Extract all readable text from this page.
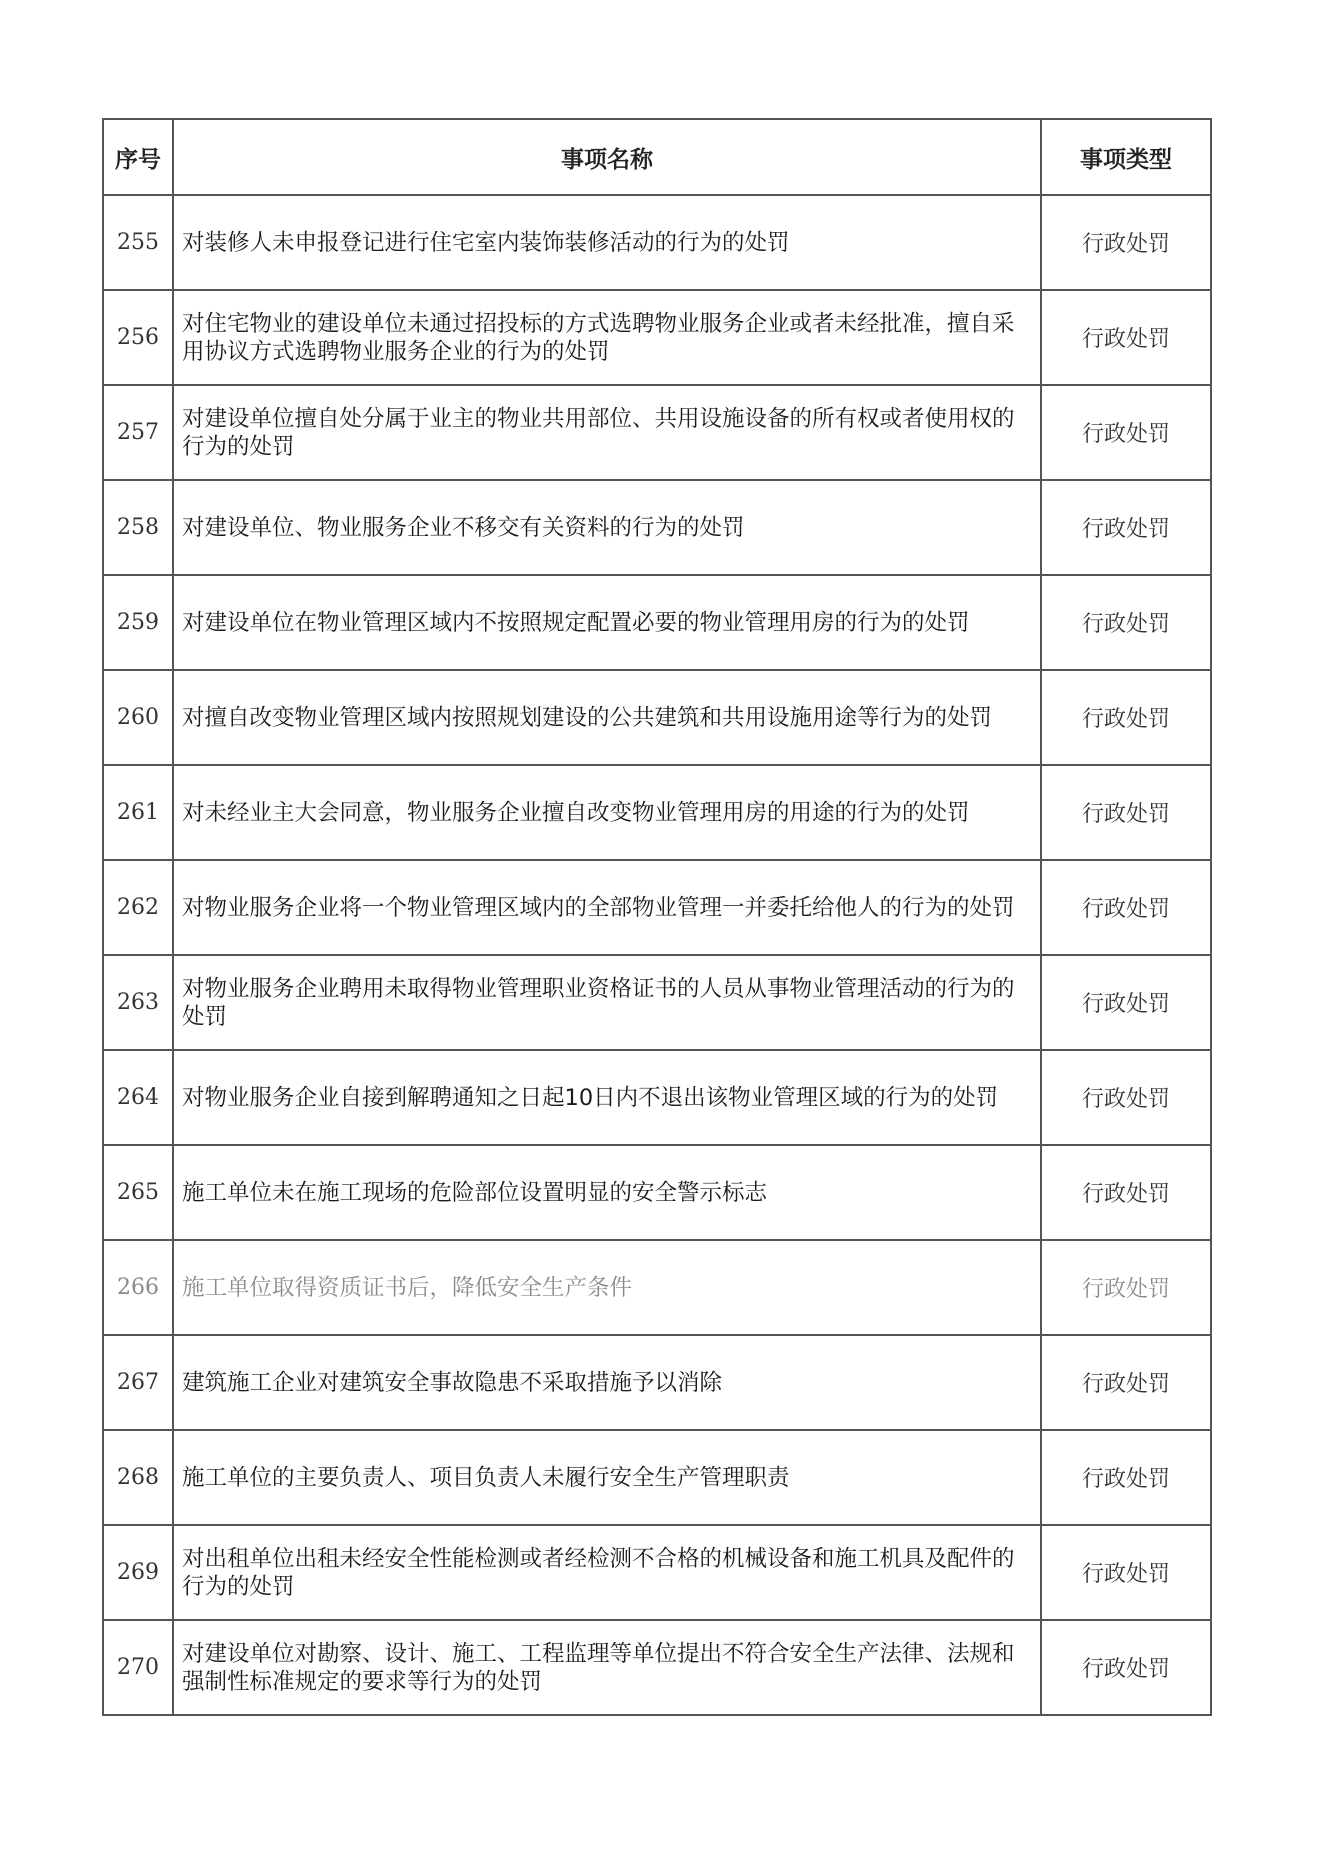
序号	事项名称	事项类型
255	对装修人未申报登记进行住宅室内装饰装修活动的行为的处罚	行政处罚
256	对住宅物业的建设单位未通过招投标的方式选聘物业服务企业或者未经批准，擅自采用协议方式选聘物业服务企业的行为的处罚	行政处罚
257	对建设单位擅自处分属于业主的物业共用部位、共用设施设备的所有权或者使用权的行为的处罚	行政处罚
258	对建设单位、物业服务企业不移交有关资料的行为的处罚	行政处罚
259	对建设单位在物业管理区域内不按照规定配置必要的物业管理用房的行为的处罚	行政处罚
260	对擅自改变物业管理区域内按照规划建设的公共建筑和共用设施用途等行为的处罚	行政处罚
261	对未经业主大会同意，物业服务企业擅自改变物业管理用房的用途的行为的处罚	行政处罚
262	对物业服务企业将一个物业管理区域内的全部物业管理一并委托给他人的行为的处罚	行政处罚
263	对物业服务企业聘用未取得物业管理职业资格证书的人员从事物业管理活动的行为的处罚	行政处罚
264	对物业服务企业自接到解聘通知之日起10日内不退出该物业管理区域的行为的处罚	行政处罚
265	施工单位未在施工现场的危险部位设置明显的安全警示标志	行政处罚
266	施工单位取得资质证书后，降低安全生产条件	行政处罚
267	建筑施工企业对建筑安全事故隐患不采取措施予以消除	行政处罚
268	施工单位的主要负责人、项目负责人未履行安全生产管理职责	行政处罚
269	对出租单位出租未经安全性能检测或者经检测不合格的机械设备和施工机具及配件的行为的处罚	行政处罚
270	对建设单位对勘察、设计、施工、工程监理等单位提出不符合安全生产法律、法规和强制性标准规定的要求等行为的处罚	行政处罚
